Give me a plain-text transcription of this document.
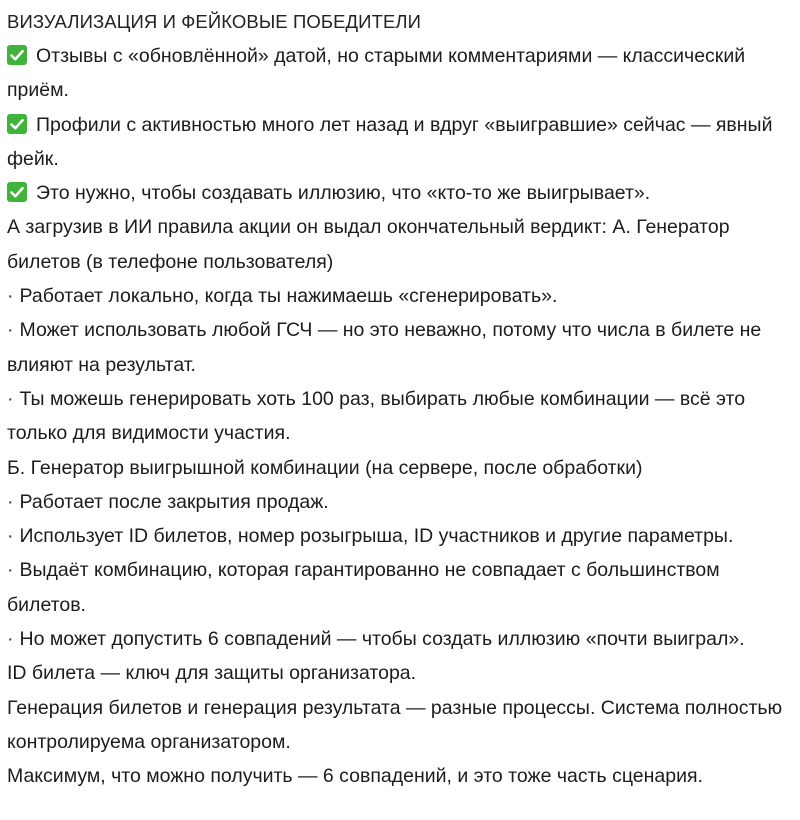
ВИЗУАЛИЗАЦИЯ И ФЕЙКОВЫЕ ПОБЕДИТЕЛИ
Отзывы с «обновлённой» датой, но старыми комментариями — классический приём.
Профили с активностью много лет назад и вдруг «выигравшие» сейчас — явный фейк.
Это нужно, чтобы создавать иллюзию, что «кто-то же выигрывает».
А загрузив в ИИ правила акции он выдал окончательный вердикт: А. Генератор билетов (в телефоне пользователя)
· Работает локально, когда ты нажимаешь «сгенерировать».
· Может использовать любой ГСЧ — но это неважно, потому что числа в билете не влияют на результат.
· Ты можешь генерировать хоть 100 раз, выбирать любые комбинации — всё это только для видимости участия.
Б. Генератор выигрышной комбинации (на сервере, после обработки)
· Работает после закрытия продаж.
· Использует ID билетов, номер розыгрыша, ID участников и другие параметры.
· Выдаёт комбинацию, которая гарантированно не совпадает с большинством билетов.
· Но может допустить 6 совпадений — чтобы создать иллюзию «почти выиграл».
ID билета — ключ для защиты организатора.
Генерация билетов и генерация результата — разные процессы. Система полностью контролируема организатором.
Максимум, что можно получить — 6 совпадений, и это тоже часть сценария.
